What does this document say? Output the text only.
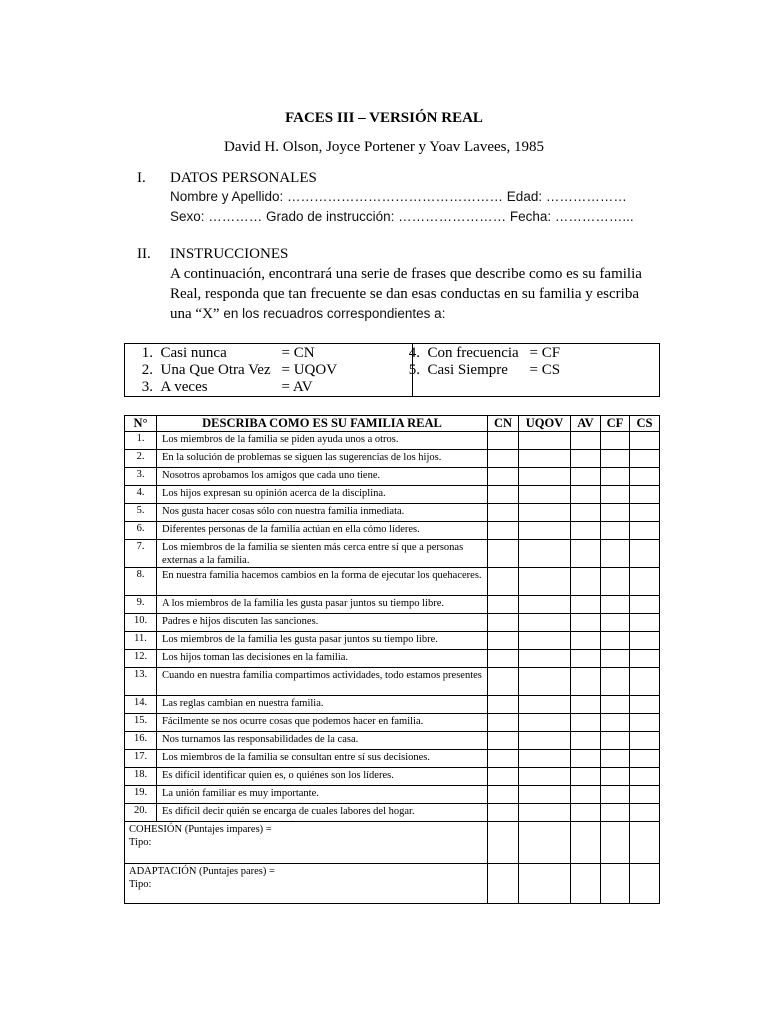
FACES III – VERSIÓN REAL
David H. Olson, Joyce Portener y Yoav Lavees, 1985
I. DATOS PERSONALES
Nombre y Apellido: ………………………………………… Edad: ………………
Sexo: ………… Grado de instrucción: …………………… Fecha: ……………...
II. INSTRUCCIONES
A continuación, encontrará una serie de frases que describe como es su familia
Real, responda que tan frecuente se dan esas conductas en su familia y escriba
una “X” en los recuadros correspondientes a:
1. Casi nunca	= CN
2. Una Que Otra Vez = UQOV
3. A veces	= AV
4. Con frecuencia = CF
5. Casi Siempre = CS
N°	DESCRIBA COMO ES SU FAMILIA REAL	CN	UQOV	AV	CF	CS
1.	Los miembros de la familia se piden ayuda unos a otros.					
2.	En la solución de problemas se siguen las sugerencias de los hijos.					
3.	Nosotros aprobamos los amigos que cada uno tiene.					
4.	Los hijos expresan su opinión acerca de la disciplina.					
5.	Nos gusta hacer cosas sólo con nuestra familia inmediata.					
6.	Diferentes personas de la familia actúan en ella cómo líderes.					
7.	Los miembros de la familia se sienten más cerca entre sí que a personas externas a la familia.					
8.	En nuestra familia hacemos cambios en la forma de ejecutar los quehaceres.					
9.	A los miembros de la familia les gusta pasar juntos su tiempo libre.					
10.	Padres e hijos discuten las sanciones.					
11.	Los miembros de la familia les gusta pasar juntos su tiempo libre.					
12.	Los hijos toman las decisiones en la familia.					
13.	Cuando en nuestra familia compartimos actividades, todo estamos presentes					
14.	Las reglas cambian en nuestra familia.					
15.	Fácilmente se nos ocurre cosas que podemos hacer en familia.					
16.	Nos turnamos las responsabilidades de la casa.					
17.	Los miembros de la familia se consultan entre sí sus decisiones.					
18.	Es difícil identificar quien es, o quiénes son los líderes.					
19.	La unión familiar es muy importante.					
20.	Es difícil decir quién se encarga de cuales labores del hogar.					

COHESIÓN (Puntajes impares) =
Tipo:						

ADAPTACIÓN (Puntajes pares) =
Tipo:						
